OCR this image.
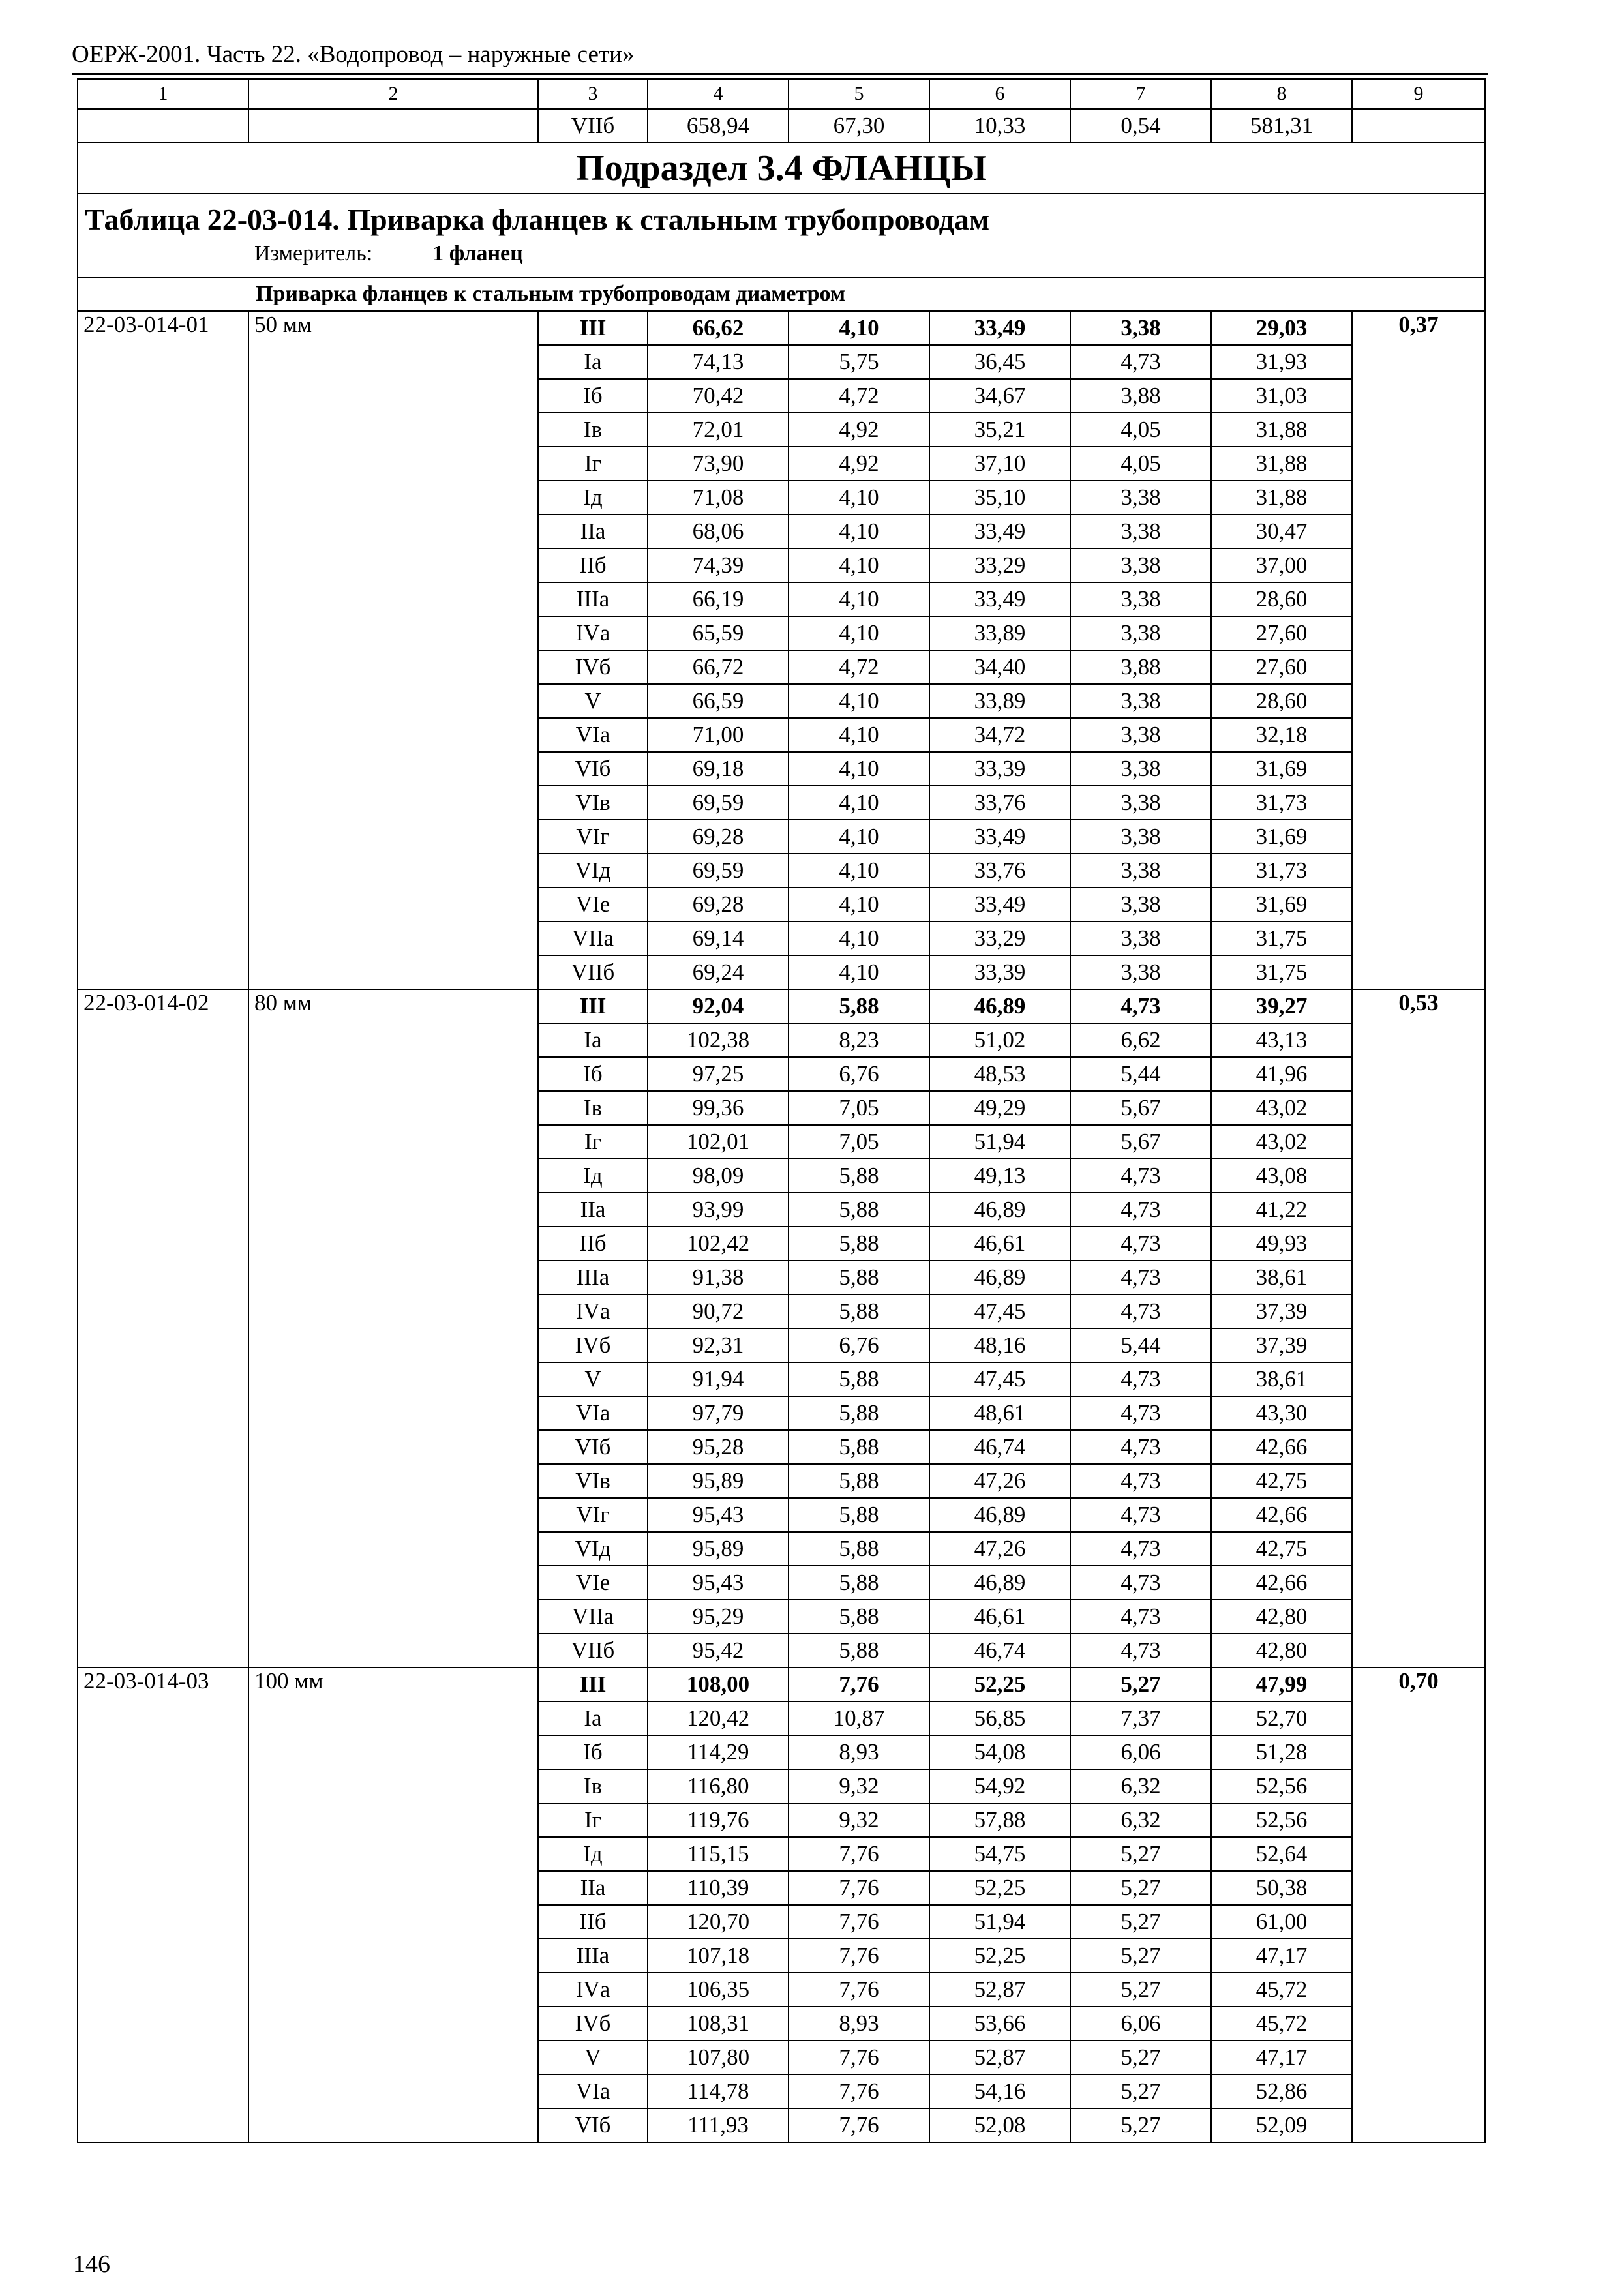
ОЕРЖ-2001. Часть 22. «Водопровод – наружные сети»
1	2	3	4	5	6	7	8	9
		VIIб	658,94	67,30	10,33	0,54	581,31	
Подраздел 3.4 ФЛАНЦЫ								

Таблица 22-03-014. Приварка фланцев к стальным трубопроводам
Измеритель: 1 фланец								

Приварка фланцев к стальным трубопроводам диаметром								
22-03-014-01	50 мм	III	66,62	4,10	33,49	3,38	29,03	0,37
		Iа	74,13	5,75	36,45	4,73	31,93	
		Iб	70,42	4,72	34,67	3,88	31,03	
		Iв	72,01	4,92	35,21	4,05	31,88	
		Iг	73,90	4,92	37,10	4,05	31,88	
		Iд	71,08	4,10	35,10	3,38	31,88	
		IIа	68,06	4,10	33,49	3,38	30,47	
		IIб	74,39	4,10	33,29	3,38	37,00	
		IIIа	66,19	4,10	33,49	3,38	28,60	
		IVа	65,59	4,10	33,89	3,38	27,60	
		IVб	66,72	4,72	34,40	3,88	27,60	
		V	66,59	4,10	33,89	3,38	28,60	
		VIа	71,00	4,10	34,72	3,38	32,18	
		VIб	69,18	4,10	33,39	3,38	31,69	
		VIв	69,59	4,10	33,76	3,38	31,73	
		VIг	69,28	4,10	33,49	3,38	31,69	
		VIд	69,59	4,10	33,76	3,38	31,73	
		VIе	69,28	4,10	33,49	3,38	31,69	
		VIIа	69,14	4,10	33,29	3,38	31,75	
		VIIб	69,24	4,10	33,39	3,38	31,75	
22-03-014-02	80 мм	III	92,04	5,88	46,89	4,73	39,27	0,53
		Iа	102,38	8,23	51,02	6,62	43,13	
		Iб	97,25	6,76	48,53	5,44	41,96	
		Iв	99,36	7,05	49,29	5,67	43,02	
		Iг	102,01	7,05	51,94	5,67	43,02	
		Iд	98,09	5,88	49,13	4,73	43,08	
		IIа	93,99	5,88	46,89	4,73	41,22	
		IIб	102,42	5,88	46,61	4,73	49,93	
		IIIа	91,38	5,88	46,89	4,73	38,61	
		IVа	90,72	5,88	47,45	4,73	37,39	
		IVб	92,31	6,76	48,16	5,44	37,39	
		V	91,94	5,88	47,45	4,73	38,61	
		VIа	97,79	5,88	48,61	4,73	43,30	
		VIб	95,28	5,88	46,74	4,73	42,66	
		VIв	95,89	5,88	47,26	4,73	42,75	
		VIг	95,43	5,88	46,89	4,73	42,66	
		VIд	95,89	5,88	47,26	4,73	42,75	
		VIе	95,43	5,88	46,89	4,73	42,66	
		VIIа	95,29	5,88	46,61	4,73	42,80	
		VIIб	95,42	5,88	46,74	4,73	42,80	
22-03-014-03	100 мм	III	108,00	7,76	52,25	5,27	47,99	0,70
		Iа	120,42	10,87	56,85	7,37	52,70	
		Iб	114,29	8,93	54,08	6,06	51,28	
		Iв	116,80	9,32	54,92	6,32	52,56	
		Iг	119,76	9,32	57,88	6,32	52,56	
		Iд	115,15	7,76	54,75	5,27	52,64	
		IIа	110,39	7,76	52,25	5,27	50,38	
		IIб	120,70	7,76	51,94	5,27	61,00	
		IIIа	107,18	7,76	52,25	5,27	47,17	
		IVа	106,35	7,76	52,87	5,27	45,72	
		IVб	108,31	8,93	53,66	6,06	45,72	
		V	107,80	7,76	52,87	5,27	47,17	
		VIа	114,78	7,76	54,16	5,27	52,86	
		VIб	111,93	7,76	52,08	5,27	52,09	
146
